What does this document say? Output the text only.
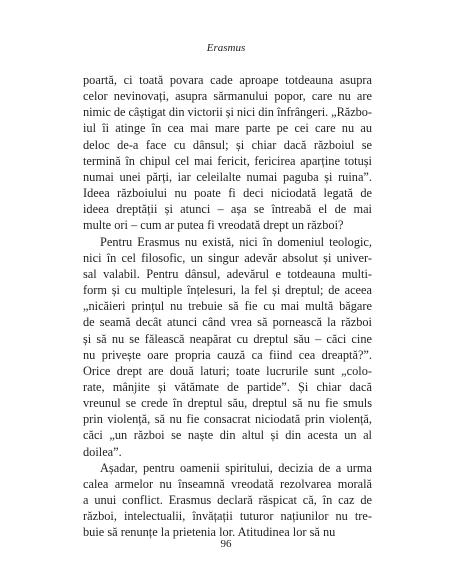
Erasmus
poartă, ci toată povara cade aproape totdeauna asupra
celor nevinovați, asupra sărmanului popor, care nu are
nimic de câștigat din victorii și nici din înfrângeri. „Războ-
iul îi atinge în cea mai mare parte pe cei care nu au
deloc de-a face cu dânsul; și chiar dacă războiul se
termină în chipul cel mai fericit, fericirea aparține totuși
numai unei părți, iar celeilalte numai paguba și ruina”.
Ideea războiului nu poate fi deci niciodată legată de
ideea dreptății și atunci – așa se întreabă el de mai
multe ori – cum ar putea fi vreodată drept un război?
Pentru Erasmus nu există, nici în domeniul teologic,
nici în cel filosofic, un singur adevăr absolut și univer-
sal valabil. Pentru dânsul, adevărul e totdeauna multi-
form și cu multiple înțelesuri, la fel și dreptul; de aceea
„nicăieri prințul nu trebuie să fie cu mai multă băgare
de seamă decât atunci când vrea să pornească la război
și să nu se fălească neapărat cu dreptul său – căci cine
nu privește oare propria cauză ca fiind cea dreaptă?”.
Orice drept are două laturi; toate lucrurile sunt „colo-
rate, mânjite și vătămate de partide”. Și chiar dacă
vreunul se crede în dreptul său, dreptul să nu fie smuls
prin violență, să nu fie consacrat niciodată prin violență,
căci „un război se naște din altul și din acesta un al
doilea”.
Așadar, pentru oamenii spiritului, decizia de a urma
calea armelor nu înseamnă vreodată rezolvarea morală
a unui conflict. Erasmus declară răspicat că, în caz de
război, intelectualii, învățații tuturor națiunilor nu tre-
buie să renunțe la prietenia lor. Atitudinea lor să nu
96
